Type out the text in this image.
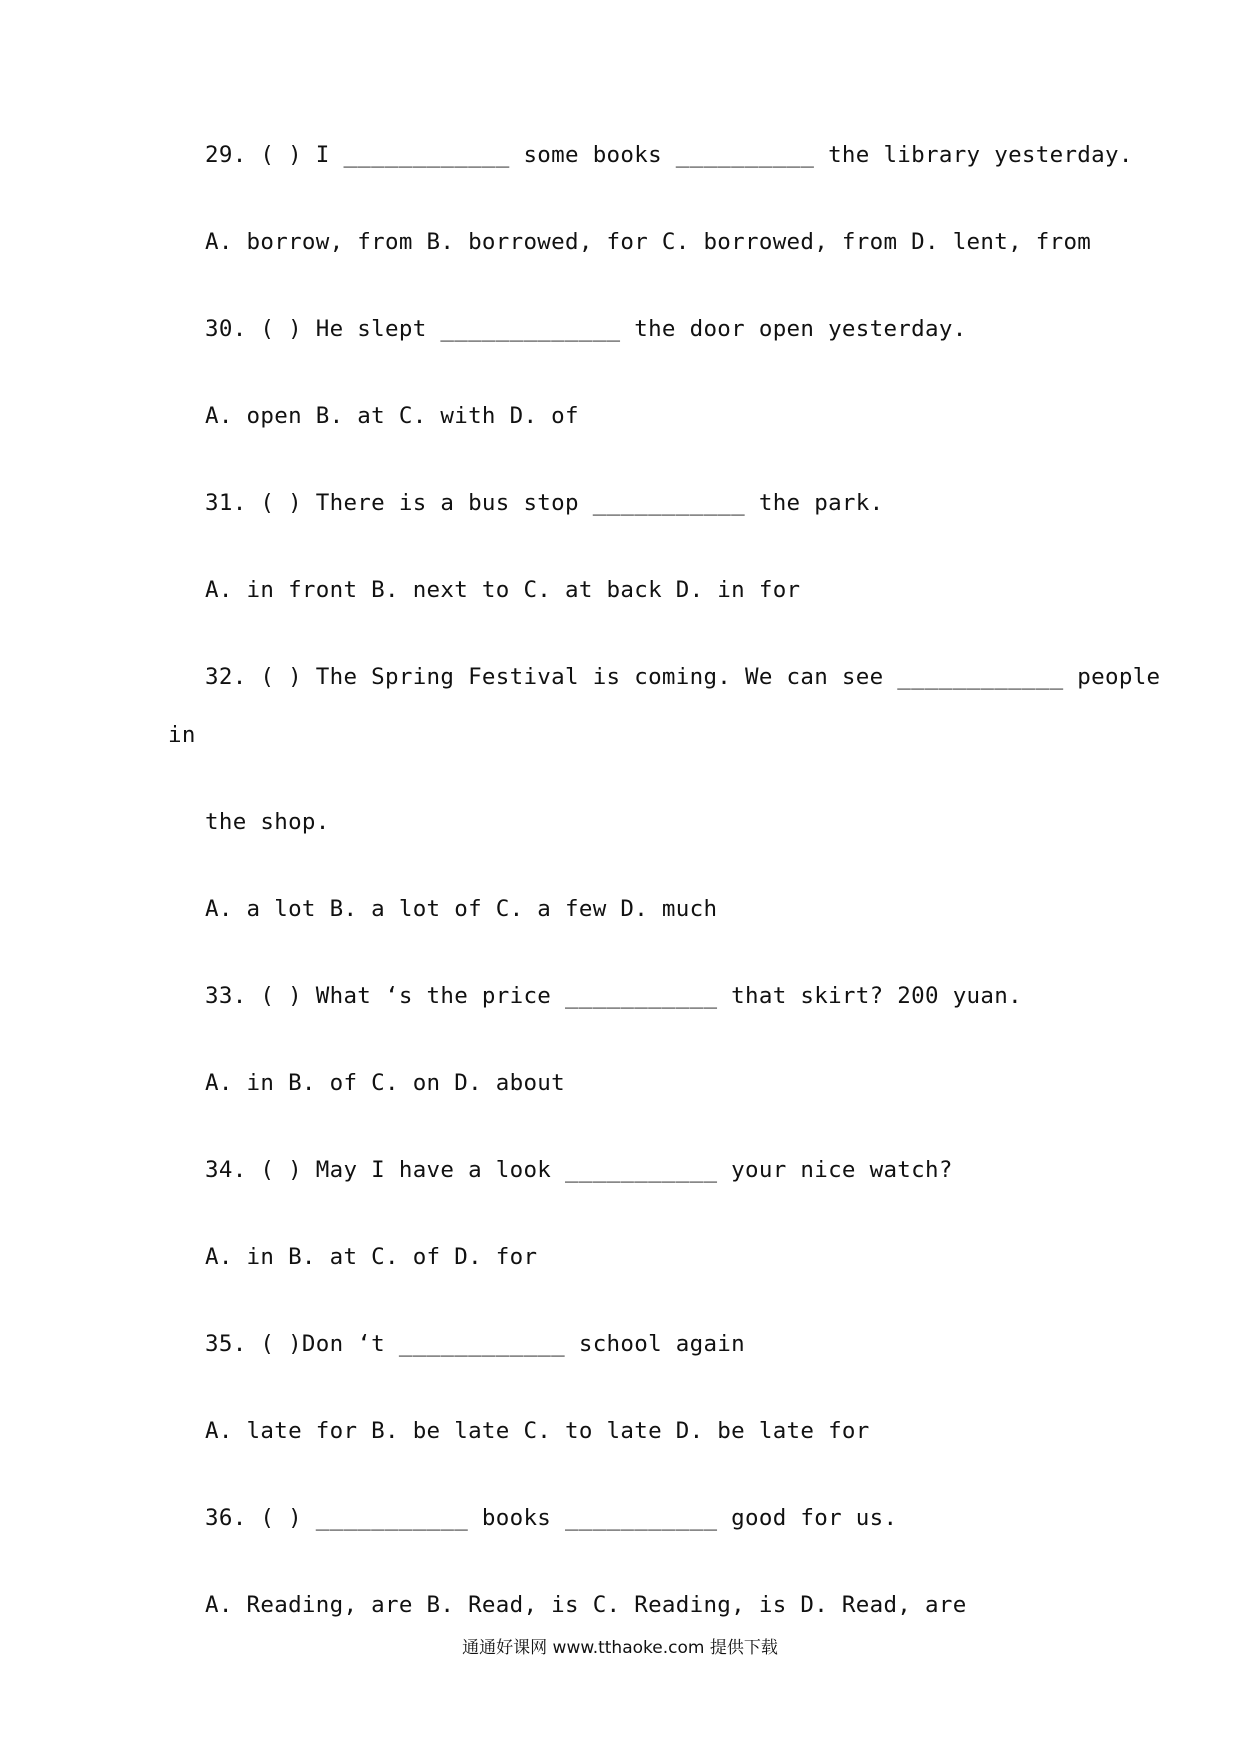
29. ( ) I ____________ some books __________ the library yesterday.
A. borrow, from B. borrowed, for C. borrowed, from D. lent, from
30. ( ) He slept _____________ the door open yesterday.
A. open B. at C. with D. of
31. ( ) There is a bus stop ___________ the park.
A. in front B. next to C. at back D. in for
32. ( ) The Spring Festival is coming. We can see ____________ people
in
the shop.
A. a lot B. a lot of C. a few D. much
33. ( ) What ‘s the price ___________ that skirt? 200 yuan.
A. in B. of C. on D. about
34. ( ) May I have a look ___________ your nice watch?
A. in B. at C. of D. for
35. ( )Don ‘t ____________ school again
A. late for B. be late C. to late D. be late for
36. ( ) ___________ books ___________ good for us.
A. Reading, are B. Read, is C. Reading, is D. Read, are
通通好课网 www.tthaoke.com 提供下载
